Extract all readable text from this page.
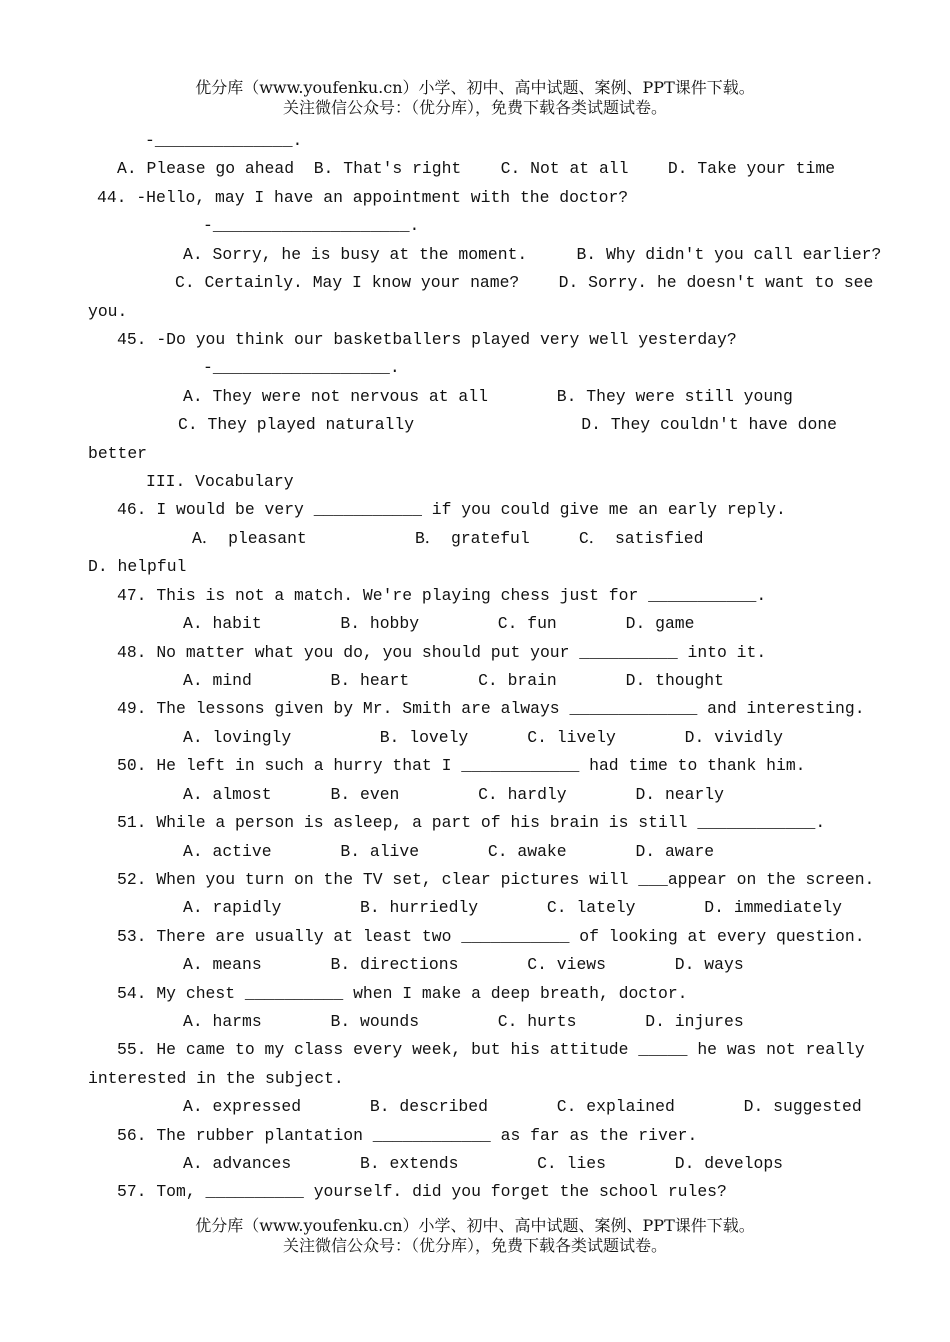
优分库（www.youfenku.cn）小学、初中、高中试题、案例、PPT课件下载。
关注微信公众号：（优分库），免费下载各类试题试卷。
-______________.
A. Please go ahead  B. That's right    C. Not at all    D. Take your time
44. -Hello, may I have an appointment with the doctor?
-____________________.
A. Sorry, he is busy at the moment.     B. Why didn't you call earlier?
C. Certainly. May I know your name?    D. Sorry. he doesn't want to see
you.
45. -Do you think our basketballers played very well yesterday?
-__________________.
A. They were not nervous at all       B. They were still young
C. They played naturally                 D. They couldn't have done
better
III. Vocabulary
46. I would be very ___________ if you could give me an early reply.
A． pleasant           B． grateful     C． satisfied
D. helpful
47. This is not a match. We're playing chess just for ___________.
A. habit        B. hobby        C. fun       D. game
48. No matter what you do, you should put your __________ into it.
A. mind        B. heart       C. brain       D. thought
49. The lessons given by Mr. Smith are always _____________ and interesting.
A. lovingly         B. lovely      C. lively       D. vividly
50. He left in such a hurry that I ____________ had time to thank him.
A. almost      B. even        C. hardly       D. nearly
51. While a person is asleep, a part of his brain is still ____________.
A. active       B. alive       C. awake       D. aware
52. When you turn on the TV set, clear pictures will ___appear on the screen.
A. rapidly        B. hurriedly       C. lately       D. immediately
53. There are usually at least two ___________ of looking at every question.
A. means       B. directions       C. views       D. ways
54. My chest __________ when I make a deep breath, doctor.
A. harms       B. wounds        C. hurts       D. injures
55. He came to my class every week, but his attitude _____ he was not really
interested in the subject.
A. expressed       B. described       C. explained       D. suggested
56. The rubber plantation ____________ as far as the river.
A. advances       B. extends        C. lies       D. develops
57. Tom, __________ yourself. did you forget the school rules?
优分库（www.youfenku.cn）小学、初中、高中试题、案例、PPT课件下载。
关注微信公众号：（优分库），免费下载各类试题试卷。
